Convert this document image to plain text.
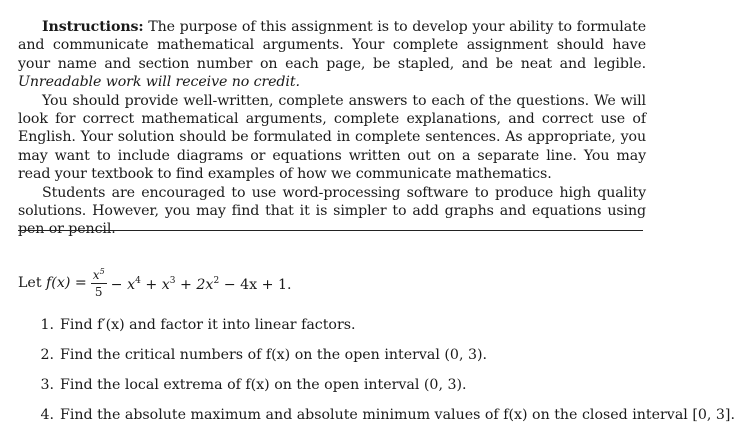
Instructions: The purpose of this assignment is to develop your ability to formulate and communicate mathematical arguments. Your complete assignment should have your name and section number on each page, be stapled, and be neat and legible. Unreadable work will receive no credit.

You should provide well-written, complete answers to each of the questions. We will look for correct mathematical arguments, complete explanations, and correct use of English. Your solution should be formulated in complete sentences. As appropriate, you may want to include diagrams or equations written out on a separate line. You may read your textbook to find examples of how we communicate mathematics.

Students are encouraged to use word-processing software to produce high quality solutions. However, you may find that it is simpler to add graphs and equations using pen or pencil.

Let
$f(x) = \frac{x^5}{5} - x^4 + x^3 + 2x^2 - 4x + 1$.
1. Find f′(x) and factor it into linear factors.
2. Find the critical numbers of f(x) on the open interval (0, 3).
3. Find the local extrema of f(x) on the open interval (0, 3).
4. Find the absolute maximum and absolute minimum values of f(x) on the closed interval [0, 3].
